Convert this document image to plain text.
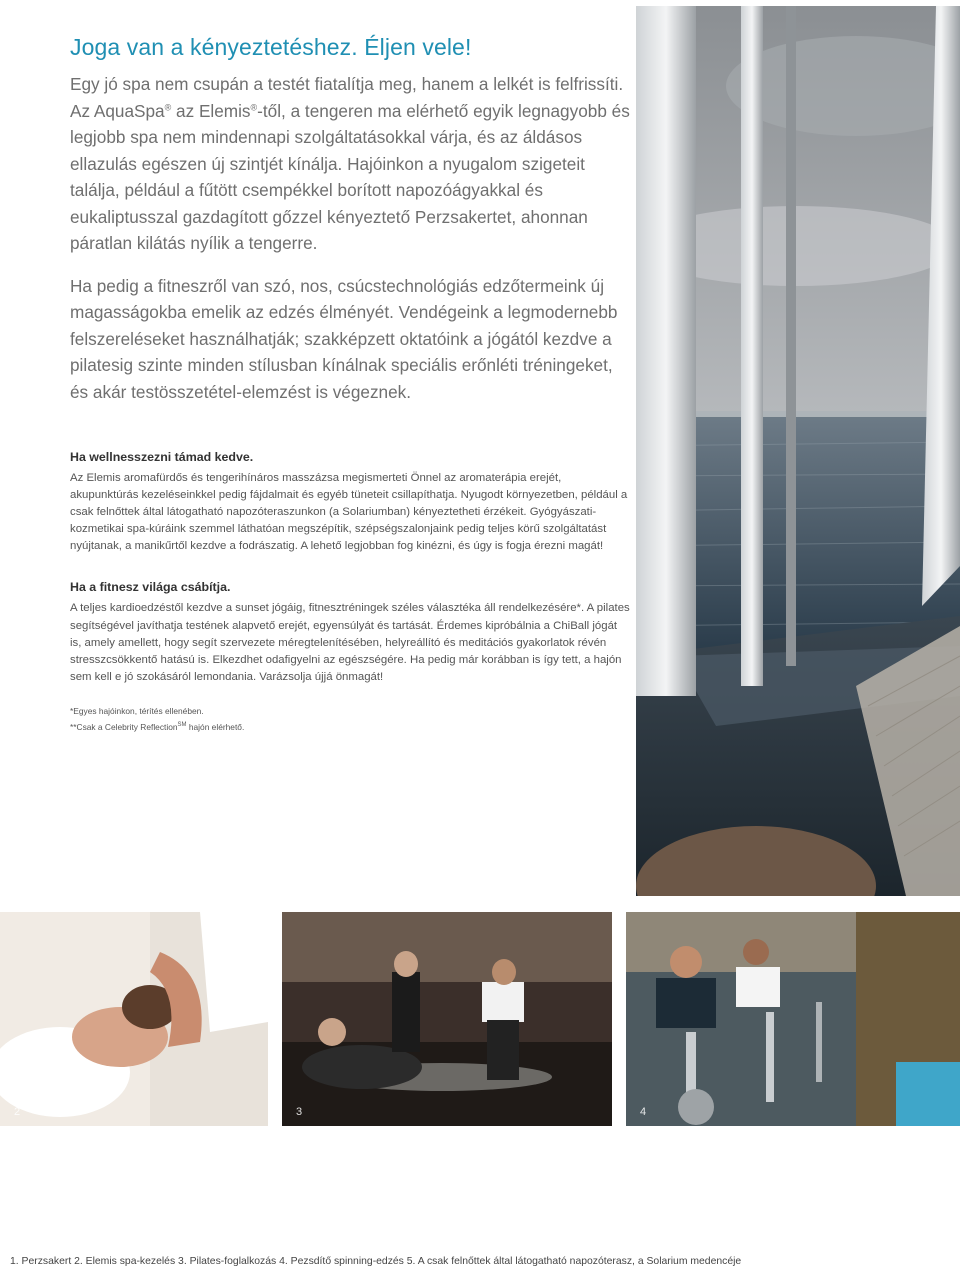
Joga van a kényeztetéshez. Éljen vele!

Egy jó spa nem csupán a testét fiatalítja meg, hanem a lelkét is felfrissíti. Az AquaSpa® az Elemis®-től, a tengeren ma elérhető egyik legnagyobb és legjobb spa nem mindennapi szolgáltatásokkal várja, és az áldásos ellazulás egészen új szintjét kínálja. Hajóinkon a nyugalom szigeteit találja, például a fűtött csempékkel borított napozóágyakkal és eukaliptusszal gazdagított gőzzel kényeztető Perzsakertet, ahonnan páratlan kilátás nyílik a tengerre.

Ha pedig a fitneszről van szó, nos, csúcstechnológiás edzőtermeink új magasságokba emelik az edzés élményét. Vendégeink a legmodernebb felszereléseket használhatják; szakképzett oktatóink a jógától kezdve a pilatesig szinte minden stílusban kínálnak speciális erőnléti tréningeket, és akár testösszetétel-elemzést is végeznek.

Ha wellnesszezni támad kedve.

Az Elemis aromafürdős és tengerihínáros masszázsa megismerteti Önnel az aromaterápia erejét, akupunktúrás kezeléseinkkel pedig fájdalmait és egyéb tüneteit csillapíthatja. Nyugodt környezetben, például a csak felnőttek által látogatható napozóteraszunkon (a Solariumban) kényeztetheti érzékeit. Gyógyászati-kozmetikai spa-kúráink szemmel láthatóan megszépítik, szépségszalonjaink pedig teljes körű szolgáltatást nyújtanak, a manikűrtől kezdve a fodrászatig. A lehető legjobban fog kinézni, és úgy is fogja érezni magát!

Ha a fitnesz világa csábítja.

A teljes kardioedzéstől kezdve a sunset jógáig, fitnesztréningek széles választéka áll rendelkezésére*. A pilates segítségével javíthatja testének alapvető erejét, egyensúlyát és tartását. Érdemes kipróbálnia a ChiBall jógát is, amely amellett, hogy segít szervezete méregtelenítésében, helyreállító és meditációs gyakorlatok révén stresszcsökkentő hatású is. Elkezdhet odafigyelni az egészségére. Ha pedig már korábban is így tett, a hajón sem kell e jó szokásáról lemondania. Varázsolja újjá önmagát!

*Egyes hajóinkon, térítés ellenében.

**Csak a Celebrity Reflection℠ hajón elérhető.

2	3	4

1. Perzsakert 2. Elemis spa-kezelés 3. Pilates-foglalkozás 4. Pezsdítő spinning-edzés 5. A csak felnőttek által látogatható napozóterasz, a Solarium medencéje
